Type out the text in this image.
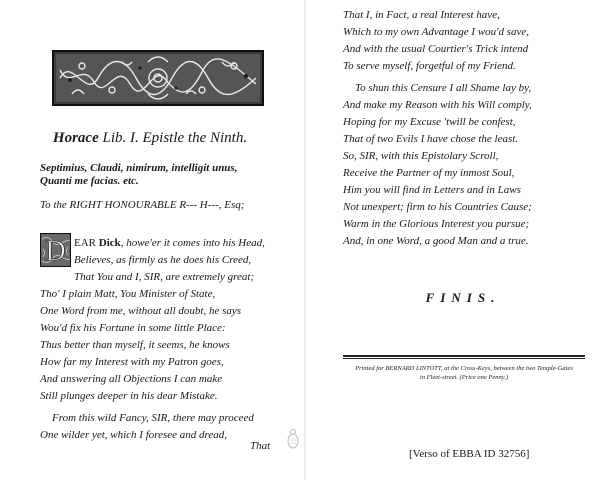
Horace Lib. I. Epistle the Ninth.
Septimius, Claudi, nimirum, intelligit unus,
Quanti me facias. etc.
To the RIGHT HONOURABLE R--- H---, Esq;
D EAR Dick, howe'er it comes into his Head,
Believes, as firmly as he does his Creed,
That You and I, SIR, are extremely great;
Tho' I plain Matt, You Minister of State,
One Word from me, without all doubt, he says
Wou'd fix his Fortune in some little Place:
Thus better than myself, it seems, he knows
How far my Interest with my Patron goes,
And answering all Objections I can make
Still plunges deeper in his dear Mistake.
From this wild Fancy, SIR, there may proceed
One wilder yet, which I foresee and dread,
That
That I, in Fact, a real Interest have,
Which to my own Advantage I wou'd save,
And with the usual Courtier's Trick intend
To serve myself, forgetful of my Friend.
To shun this Censure I all Shame lay by,
And make my Reason with his Will comply,
Hoping for my Excuse 'twill be confest,
That of two Evils I have chose the least.
So, SIR, with this Epistolary Scroll,
Receive the Partner of my inmost Soul,
Him you will find in Letters and in Laws
Not unexpert; firm to his Countries Cause;
Warm in the Glorious Interest you pursue;
And, in one Word, a good Man and a true.
FINIS.
Printed for BERNARD LINTOTT, at the Cross-Keys, between the two Temple-Gates
in Fleet-street. (Price one Penny.)
[Verso of EBBA ID 32756]
